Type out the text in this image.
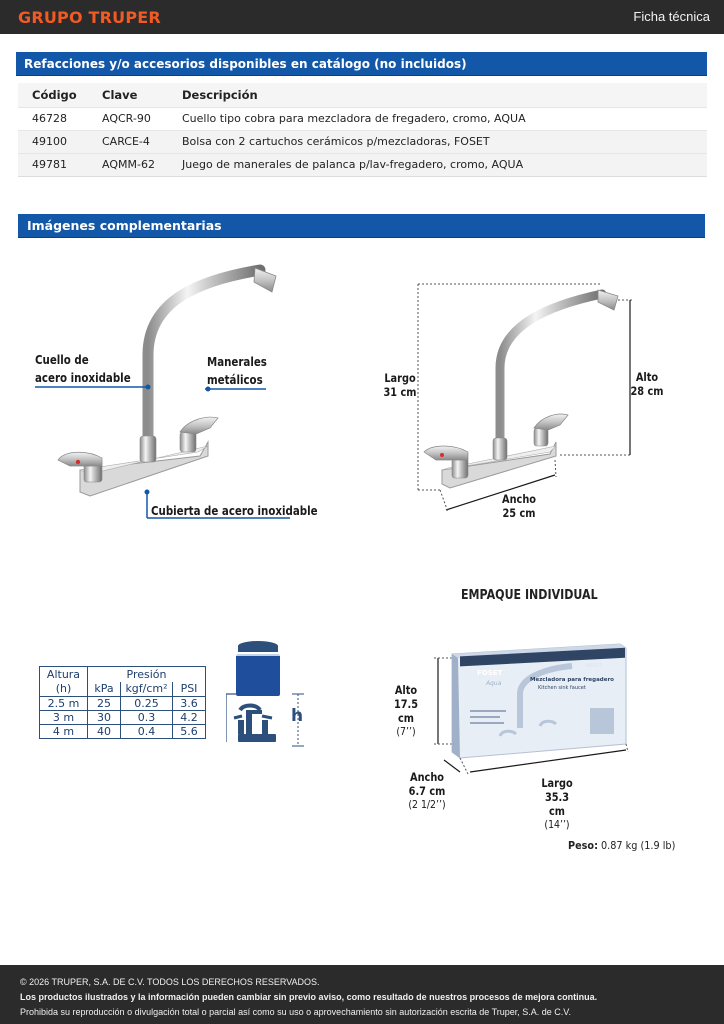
GRUPO TRUPER	Ficha técnica
Refacciones y/o accesorios disponibles en catálogo (no incluidos)
Código	Clave	Descripción
46728	AQCR-90	Cuello tipo cobra para mezcladora de fregadero, cromo, AQUA
49100	CARCE-4	Bolsa con 2 cartuchos cerámicos p/mezcladoras, FOSET
49781	AQMM-62	Juego de manerales de palanca p/lav-fregadero, cromo, AQUA
Imágenes complementarias
Cuello de
acero inoxidable
Manerales
metálicos
Cubierta de acero inoxidable
Largo
31 cm
Alto
28 cm
Ancho
25 cm
Altura
(h)	Presión		
	kPa	kgf/cm²	PSI
2.5 m	25	0.25	3.6
3 m	30	0.3	4.2
4 m	40	0.4	5.6
h
EMPAQUE INDIVIDUAL
FOSET
Aqua
49027
Mezcladora para fregadero
Kitchen sink faucet
Alto
17.5 cm
(7’’)
Ancho
6.7 cm
(2 1/2’’)
Largo
35.3 cm
(14’’)
Peso: 0.87 kg (1.9 lb)
© 2026 TRUPER, S.A. DE C.V. TODOS LOS DERECHOS RESERVADOS.
Los productos ilustrados y la información pueden cambiar sin previo aviso, como resultado de nuestros procesos de mejora continua.
Prohibida su reproducción o divulgación total o parcial así como su uso o aprovechamiento sin autorización escrita de Truper, S.A. de C.V.
